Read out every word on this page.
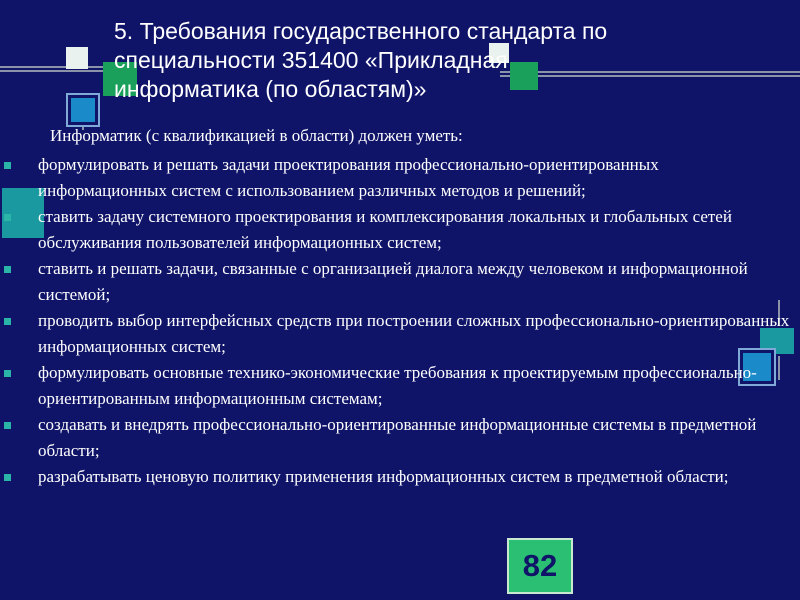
5. Требования государственного стандарта по
специальности 351400 «Прикладная
информатика (по областям)»
Информатик (с квалификацией в области) должен уметь:
формулировать и решать задачи проектирования профессионально-ориентированных информационных систем с использованием различных методов и решений;
ставить задачу системного проектирования и комплексирования локальных и глобальных сетей обслуживания пользователей информационных систем;
ставить и решать задачи, связанные с организацией диалога между человеком и информационной системой;
проводить выбор интерфейсных средств при построении сложных профессионально-ориентированных информационных систем;
формулировать основные технико-экономические требования к проектируемым профессионально-ориентированным информационным системам;
создавать и внедрять профессионально-ориентированные информационные системы в предметной области;
разрабатывать ценовую политику применения информационных систем в предметной области;
82
